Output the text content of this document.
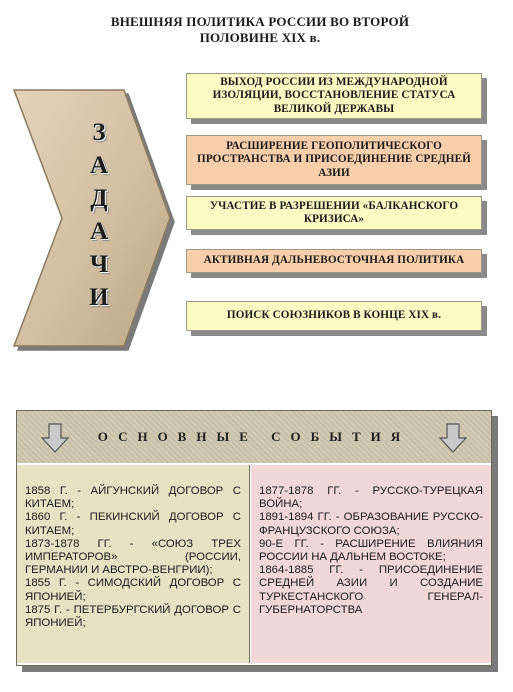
ВНЕШНЯЯ ПОЛИТИКА РОССИИ ВО ВТОРОЙ
ПОЛОВИНЕ XIX в.
З
А
Д
А
Ч
И
ВЫХОД РОССИИ ИЗ МЕЖДУНАРОДНОЙ ИЗОЛЯЦИИ, ВОССТАНОВЛЕНИЕ СТАТУСА ВЕЛИКОЙ ДЕРЖАВЫ
РАСШИРЕНИЕ ГЕОПОЛИТИЧЕСКОГО ПРОСТРАНСТВА И ПРИСОЕДИНЕНИЕ СРЕДНЕЙ АЗИИ
УЧАСТИЕ В РАЗРЕШЕНИИ «БАЛКАНСКОГО КРИЗИСА»
АКТИВНАЯ ДАЛЬНЕВОСТОЧНАЯ ПОЛИТИКА
ПОИСК СОЮЗНИКОВ В КОНЦЕ XIX в.
ОСНОВНЫЕ СОБЫТИЯ

1858 Г. - АЙГУНСКИЙ ДОГОВОР С КИТАЕМ;

1860 Г. - ПЕКИНСКИЙ ДОГОВОР С КИТАЕМ;

1873-1878 ГГ. - «СОЮЗ ТРЕХ ИМПЕРАТОРОВ» (РОССИИ, ГЕРМАНИИ И АВСТРО-ВЕНГРИИ);

1855 Г. - СИМОДСКИЙ ДОГОВОР С ЯПОНИЕЙ;

1875 Г. - ПЕТЕРБУРГСКИЙ ДОГОВОР С ЯПОНИЕЙ;

1877-1878 ГГ. - РУССКО-ТУРЕЦКАЯ ВОЙНА;

1891-1894 ГГ. - ОБРАЗОВАНИЕ РУССКО-ФРАНЦУЗСКОГО СОЮЗА;

90-Е ГГ. - РАСШИРЕНИЕ ВЛИЯНИЯ РОССИИ НА ДАЛЬНЕМ ВОСТОКЕ;

1864-1885 ГГ. - ПРИСОЕДИНЕНИЕ СРЕДНЕЙ АЗИИ И СОЗДАНИЕ ТУРКЕСТАНСКОГО ГЕНЕРАЛ-ГУБЕРНАТОРСТВА
